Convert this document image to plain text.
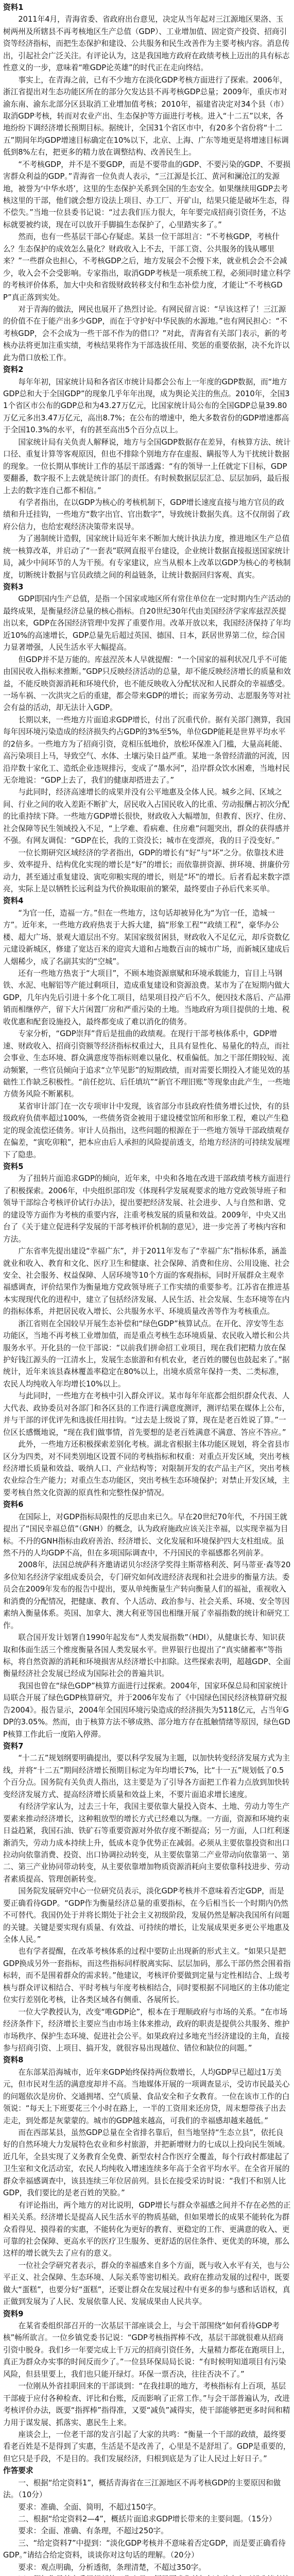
资料1

2011年4月，青海省委、省政府出台意见，决定从当年起对三江源地区果洛、玉树两州及所辖县不再考核地区生产总值（GDP）、工业增加值、固定资产投资、招商引资等经济指标，而把生态保护和建设、公共服务和民生改善作为主要考核内容。消息传出，引起社会广泛关注。有评论认为，这是我国地方政府在政绩考核上迈出的具有标志性意义的一步，意味着“唯GDP论英雄”的时代正在走向终结。

事实上，在青海之前，已有不少地方在淡化GDP考核方面进行了探索。2006年，浙江省提出对生态功能区所在的部分欠发达县不再考核GDP总量；2009年，重庆市对渝东南、渝东北部分区县取消工业增加值考核；2010年，福建省决定对34个县（市）取消GDP考核，转而对农业产出、生态保护等方面进行考核。进入“十二五”以来，各地纷纷下调经济增长预期目标。据统计，全国31个省区市中，有20多个省份将“十二五”期间年均GDP增速目标确定在10%以下，北京、上海、广东等地更是将增速目标调低到8%左右，把更多的精力放在调整结构、改善民生上。

“不考核GDP，并不是不要GDP，而是不要带血的GDP、不要污染的GDP、不要损害群众利益的GDP。”青海省一位负责人表示，“三江源是长江、黄河和澜沧江的发源地，被誉为‘中华水塔’，这里的生态保护关系到全国的生态安全。如果继续用GDP去考核这里的干部，他们就会想方设法上项目、办工厂、开矿山，结果只能是破坏生态，得不偿失。”当地一位县委书记说：“过去我们压力很大，年年要完成招商引资任务，不达标就要被约谈，现在可以放开手脚搞生态保护了，心里踏实多了。”

然而，也有一些基层干部心存疑虑。某县一位干部坦言：“不考核GDP，考核什么？生态保护的成效怎么量化？财政收入上不去，干部工资、公共服务的钱从哪里来？”一些群众也担心，不考核GDP之后，地方发展会不会慢下来，就业机会会不会减少，收入会不会受影响。专家指出，取消GDP考核是一项系统工程，必须同时建立科学的考核评价体系，加大中央和省级财政转移支付和生态补偿力度，才能让“不考核GDP”真正落到实处。

对于青海的做法，网民也展开了热烈讨论。有网民留言说：“早该这样了！三江源的价值不在于能产出多少GDP，而在于守护好中华民族的水源地。”也有网民担心：“不考核GDP，会不会成为一些干部不作为的借口？”对此，青海省有关部门表示，新的考核办法将更加注重实绩，考核结果将作为干部选拔任用、奖惩的重要依据，决不允许以此为借口放松工作。

资料2

每年年初，国家统计局和各省区市统计局都会公布上一年度的GDP数据，而“地方GDP总和大于全国GDP”的现象几乎年年出现，成为舆论关注的焦点。2010年，全国31个省区市公布的GDP总和为43.27万亿元，比国家统计局公布的全国GDP总量39.80万亿元多出3.47万亿元，高出8.7%；在公布的增速中，绝大多数省份的GDP增速都高于全国10.3%的水平，有的甚至高出5个百分点以上。

国家统计局有关负责人解释说，地方与全国GDP数据存在差异，有核算方法、统计口径、重复计算等客观原因，但也不排除个别地方存在虚报、瞒报等人为干扰统计数据的现象。一位长期从事统计工作的基层干部透露：“有的领导一上任就定下目标，GDP要翻番，数字报不上去就是统计部门的责任。有时候数据层层汇总、层层加码，最后报上去的数字连自己都不相信。”

有学者指出，在以GDP为核心的考核机制下，GDP增长速度直接与地方官员的政绩和升迁挂钩，一些地方“数字出官、官出数字”，导致统计数据失真。这不仅削弱了政府公信力，也给宏观经济决策带来误导。

为了遏制统计造假，国家统计局近年来不断加大统计执法力度，推进地区生产总值统一核算改革，并启动了“一套表”联网直报平台建设，企业统计数据直接报送国家统计局，减少中间环节的人为干预。有专家建议，应当从根本上改革以GDP为核心的考核制度，切断统计数据与官员政绩之间的利益链条，让统计数据回归客观、真实。

资料3

GDP即国内生产总值，是指一个国家或地区所有常住单位在一定时期内生产活动的最终成果，是衡量经济总量的核心指标。自20世纪30年代由美国经济学家库兹涅茨提出以来，GDP在各国经济管理中发挥了重要作用。改革开放以来，我国经济保持了年均近10%的高速增长，GDP总量先后超过英国、德国、日本，跃居世界第二位，综合国力显著增强，人民生活水平大幅提高。

但GDP并不是万能的。库兹涅茨本人早就提醒：“一个国家的福利状况几乎不可能由国民收入指标来推断。”GDP只反映经济活动的总量，却不能反映经济增长的质量和效益，不能反映资源消耗和环境代价，也不能反映收入分配状况和人民群众的幸福感受。一场车祸、一次洪灾之后的重建，都会带来GDP的增长；而家务劳动、志愿服务等对社会有益的活动，却无法计入GDP。

长期以来，一些地方片面追求GDP增长，付出了沉重代价。据有关部门测算，我国每年因环境污染造成的经济损失约占GDP的3%至5%，单位GDP能耗是世界平均水平的2倍多。一些地方为了招商引资，竞相压低地价，放松环保准入门槛，大量高耗能、高污染项目上马，导致空气、水体、土壤污染日益严重。某地一条曾经清澈的河流，因沿岸数十家化工、造纸企业违规排污，变成了“墨水河”，沿岸群众饮水困难，当地村民无奈地说：“GDP上去了，我们的健康却搭进去了。”

与此同时，经济高速增长的成果并没有公平地惠及全体人民。城乡之间、区域之间、行业之间的收入差距不断扩大，居民收入占国民收入的比重、劳动报酬占初次分配的比重持续下降。一些地方GDP增长很快，财政收入大幅增加，但教育、医疗、住房、社会保障等民生领域投入不足，“上学难、看病难、住房难”问题突出，群众的获得感并不强。有网友调侃：“GDP在长，我的工资没长；城市在变漂亮，我的日子没变好。”

一位长期研究区域经济的学者指出，GDP的增长有“好”与“坏”之分。依靠技术进步、效率提升、结构优化实现的增长是“好”的增长；而依靠拼资源、拼环境、拼廉价劳动力，甚至通过重复建设、寅吃卯粮实现的增长，则是“坏”的增长。后者看起来数字漂亮，实际上是以牺牲长远利益为代价换取眼前的繁荣，最终要由子孙后代来买单。

资料4

“为官一任，造福一方。”但在一些地方，这句话却被异化为“为官一任，造城一方”。近年来，一些地方政府热衷于大拆大建，搞“形象工程”“政绩工程”，豪华办公楼、超大广场、景观大道层出不穷。某国家级贫困县，财政收入不足亿元，却斥资数亿元建设新城区，修建了宽达百米的迎宾大道和占地数百亩的城市广场，而新城区建成后人烟稀少，成了名副其实的“空城”。

还有一些地方热衷于“大项目”，不顾本地资源禀赋和环境承载能力，盲目上马钢铁、水泥、电解铝等产能过剩项目，造成重复建设和资源浪费。某市为了在短期内做大GDP，几年内先后引进十多个化工项目，结果项目投产后不久，便因技术落后、产品滞销而相继停产，留下大片闲置厂房和严重污染的土地。当地政府为项目提供的土地、税收优惠和配套设施投入，最终都变成了难以消化的债务。

专家分析，“GDP崇拜”背后是扭曲的政绩观。在现行干部考核体系中，GDP增速、财政收入、招商引资额等经济指标权重过大，且具有显性化、易量化的特点，而社会事业、生态环境、群众满意度等指标则难以量化、权重偏低。加之干部任期较短、流动频繁，一些官员倾向于追求“立竿见影”的短期政绩，而对需要长期投入才能见效的基础性工作缺乏积极性。“前任挖坑、后任填坑”“新官不理旧账”等现象由此产生，一些地方债务风险不断累积。

某省审计部门在一次专项审计中发现，该省部分市县政府性债务增长过快，有的县级政府负债率超过100%，一些债务资金被用于建设楼堂馆所和形象工程，难以产生稳定的现金流偿还债务。审计人员指出，这些问题的根源在于一些地方领导干部政绩观存在偏差，“寅吃卯粮”，把本应由后人承担的风险提前透支，给地方经济的可持续发展埋下了隐患。

资料5

为了扭转片面追求GDP的倾向，近年来，中央和各地在改进干部政绩考核方面进行了积极探索。2006年，中央组织部印发《体现科学发展观要求的地方党政领导班子和领导干部综合考核评价试行办法》，提出要把经济发展、社会进步、人与自然和谐、党的建设等方面作为考核的重要内容，注重考核发展的质量和效益。2009年，中央又出台了《关于建立促进科学发展的干部考核评价机制的意见》，进一步完善了考核内容和方法。

广东省率先提出建设“幸福广东”，并于2011年发布了“幸福广东”指标体系，涵盖就业和收入、教育和文化、医疗卫生和健康、社会保障、消费和住房、公用设施、社会安全、社会服务、权益保障、人居环境等10个方面的客观指标，同时开展群众主观幸福感调查，评价结果作为衡量地方党政领导班子工作实绩的重要参考。江苏省在推进基本实现现代化的进程中，建立了包括经济发展、人民生活、社会发展、生态环境等在内的指标体系，并把居民收入增长、公共服务水平、环境质量改善等作为考核重点。

浙江省则在全国较早开展生态补偿和“绿色GDP”核算试点。在开化、淳安等生态功能区，当地不再考核工业增加值，而是重点考核生态环境质量、农民收入增长和公共服务水平。开化县的一位干部说：“以前我们拼命招工业项目，现在我们把精力放在保护好钱江源头的一江清水上，发展生态旅游和有机农业，老百姓的腰包也鼓起来了。”据统计，近年来该县森林覆盖率稳定在80%以上，出境水质常年保持一类、二类标准，农民人均纯收入年均增长10%以上。

与此同时，一些地方在考核中引入群众评议。某市每年年底都会组织群众代表、人大代表、政协委员对各部门和各区县的工作进行满意度测评，测评结果在媒体上公布，并与干部的评优评先和选拔任用挂钩。“过去是上级说了算，现在是老百姓说了算。”一位区长感慨地说，“现在我们做事情，首先要想的是老百姓满意不满意、答应不答应。”

此外，一些地方还积极探索差别化考核。湖北省根据主体功能区规划，将全省县市区分为四类，对不同类别地区设置不同的考核指标和权重：对重点开发区域，突出考核经济增长质量和效益、吸纳人口、产业结构等；对限制开发的农产品主产区，突出考核农业综合生产能力；对重点生态功能区，突出考核生态环境保护；对禁止开发区域，主要考核自然文化资源的原真性和完整性保护情况。

资料6

在国际上，对GDP指标局限性的反思由来已久。早在20世纪70年代，不丹国王就提出了“国民幸福总值”（GNH）的概念，认为政府施政应该关注幸福，以实现幸福为目标。不丹的GNH指标由政府善治、经济增长、文化发展和环境保护四大支柱组成。虽然不丹的人均GDP不高，但在多项国际调查中，不丹国民的幸福感都名列前茅。

2008年，法国总统萨科齐邀请诺贝尔经济学奖得主斯蒂格利茨、阿马蒂亚·森等20多位知名经济学家组成委员会，专门研究如何改进经济表现和社会进步的衡量方法。委员会在2009年发布的报告中提出，要从单纯衡量生产转向衡量人们的福祉，重视收入和消费的分配情况，把健康、教育、个人活动、政治参与、社会关系、环境、安全等因素纳入衡量体系。英国、加拿大、澳大利亚等国也相继开展了幸福指数的统计和研究工作。

联合国开发计划署自1990年起发布“人类发展指数”（HDI），从健康长寿、知识获取和体面生活三个维度衡量各国人类发展水平。世界银行也提出了“真实储蓄率”等指标，将自然资源的消耗和环境损害从经济增长中扣除。这些探索表明，超越GDP、全面衡量经济社会发展已经成为国际社会的普遍共识。

我国也曾在“绿色GDP”核算方面进行过探索。2004年，国家环保总局和国家统计局联合开展了绿色GDP核算研究，并于2006年发布了《中国绿色国民经济核算研究报告2004》。报告显示，2004年全国因环境污染造成的经济损失为5118亿元，占当年GDP的3.05%。然而，由于核算方法不够成熟、部分地方存在抵触情绪等原因，绿色GDP核算工作此后一度陷入停滞。

资料7

“十二五”规划纲要明确提出，要以科学发展为主题，以加快转变经济发展方式为主线，并将“十二五”期间经济增长预期目标定为年均增长7%，比“十一五”规划低了0.5个百分点。国务院有关负责人指出，这主要是为了引导各方面把工作着力点放到加快转变经济发展方式、提高经济增长质量和效益上来，不要片面追求增长速度。

有经济学家认为，过去三十年，我国主要依靠大量投入资本、土地、劳动力等生产要素来推动经济增长，这种粗放型的增长方式已经难以为继。一方面，资源和环境约束日益趋紧，我国石油、铁矿石等重要资源对外依存度不断提高；另一方面，人口红利逐渐消失，劳动力成本持续上升，低成本竞争优势正在减弱。必须从主要依靠投资和出口拉动向依靠消费、投资、出口协调拉动转变，从主要依靠第二产业带动向依靠第一、第二、第三产业协同带动转变，从主要依靠增加物质资源消耗向主要依靠科技进步、劳动者素质提高、管理创新转变。

国务院发展研究中心一位研究员表示，淡化GDP考核并不意味着否定GDP，而是要正确看待GDP。“GDP作为衡量经济总量的重要指标，在今后相当长一个时期内仍然不可替代。我国仍处于并将长期处于社会主义初级阶段，发展仍然是解决我国所有问题的关键。关键是要实现有质量、有效益、可持续的增长，让发展成果更多更公平地惠及全体人民。”

也有学者提醒，在改革考核体系的过程中要防止出现新的形式主义。“如果只是把GDP换成另外一套指标，而这些指标同样脱离实际、层层加码，那么干部仍然会围着指标转，而不是围着群众的需求转。”他建议，考核评价要做到定量与定性相结合、上级考核与群众评议相结合、平时考核与年度考核相结合，同时要根据不同地区的主体功能定位实行差别化考核，让各类区域各有侧重、各展所长。

一位大学教授认为，改变“唯GDP论”，根本在于理顺政府与市场的关系。“在市场经济条件下，经济增长主要应当由市场主体来推动，政府的职责是提供公共服务、维护市场秩序、保护生态环境、促进社会公平。如果政府过多地充当经济建设的主角，直接参与招商引资、上项目、搞开发，就很容易出现越位、错位和缺位的问题。”

资料8

在东部某沿海城市，近年来GDP始终保持两位数增长，人均GDP早已超过1万美元，但市民对生活的满意度却并不高。当地媒体开展的一项调查显示，受访市民最关心的问题依次是房价、交通拥堵、空气质量、食品安全和子女教育。一位在该市工作的白领说：“每天上下班要花三个小时在路上，一半的工资用来还房贷，周末想带孩子出去走走，到处都是灰蒙蒙的。城市的GDP越来越高，可我们的幸福感却越来越低。”

而在西部某县，虽然GDP总量在全省排名靠后，但当地坚持“生态立县”，依托良好的自然环境大力发展特色农业和乡村旅游，并把新增财力的七成以上投向民生领域。近几年，全县实现了义务教育全免费、新型农村合作医疗全覆盖，每个行政村都建起了卫生室和文化活动室，农民人均纯收入增速连续多年高于全省平均水平。在全省开展的群众幸福感调查中，该县连续三年位居前列。县长在接受采访时说：“我们不和别人比GDP，我们要比的是老百姓的笑脸。”

有评论指出，两个地方的对比说明，GDP增长与群众幸福感之间并不存在必然的正相关关系。经济增长是提高人民生活水平的物质基础，但如果增长的成果不能转化为群众看得见、摸得着的实惠，不能转化为更好的教育、更稳定的工作、更满意的收入、更可靠的社会保障、更高水平的医疗卫生服务、更舒适的居住条件、更优美的环境，那么这样的增长就失去了应有的意义。

一位社会学研究者表示，群众的幸福感来自多个方面，既与收入水平有关，也与公平正义、社会保障、生态环境、人际关系等密切相关。政府在推动发展的过程中，既要做大“蛋糕”，也要分好“蛋糕”，还要让群众在发展过程中有更多的参与感和话语权，真正做到发展为了人民、发展依靠人民、发展成果由人民共享。

资料9

在某省委组织部召开的一次基层干部座谈会上，与会干部围绕“如何看待GDP考核”畅所欲言。一位乡镇党委书记说：“GDP考核指挥棒不改，基层干部就很难从招商引资中脱身。我们乡一年要完成上千万元的招商引资任务，大量精力都花在跑项目上，真正为群众办实事的时间反而少了。”一位县环保局局长说：“有时候明知道项目有污染风险，但县里要上，我们也只能开绿灯。环保一票否决，往往否决不了。”

一位刚从外省挂职回来的干部谈到：“在我挂职的地方，考核指标有上百项，基层干部疲于应付各种检查、评比和台账，反而影响了正常工作。”与会干部普遍认为，改进考核评价办法，既要“指挥棒”指得准，又要“减负”减得实，使干部能够把更多时间和精力用于谋发展、抓落实、惠民生上来。

座谈会上，一位老干部的发言引起了大家的共鸣：“衡量一个干部的政绩，最终要看老百姓是不是得到了实惠，生活是不是改善了，心里是不是舒坦了。GDP是重要的，但它只是手段，不是目的。我们发展经济，归根到底是为了让人民过上好日子。”

作答要求

一、根据“给定资料1”，概括青海省在三江源地区不再考核GDP的主要原因和做法。（10分）

要求：准确、全面、简明，不超过150字。

二、根据“给定资料2—4”，概括片面追求GDP增长带来的主要问题。（15分）

要求：全面、准确、有条理，不超过250字。

三、“给定资料7”中提到：“淡化GDP考核并不意味着否定GDP，而是要正确看待GDP。”请结合给定资料，谈谈你对这句话的理解。（20分）

要求：观点明确，分析透彻，条理清楚，不超过350字。
